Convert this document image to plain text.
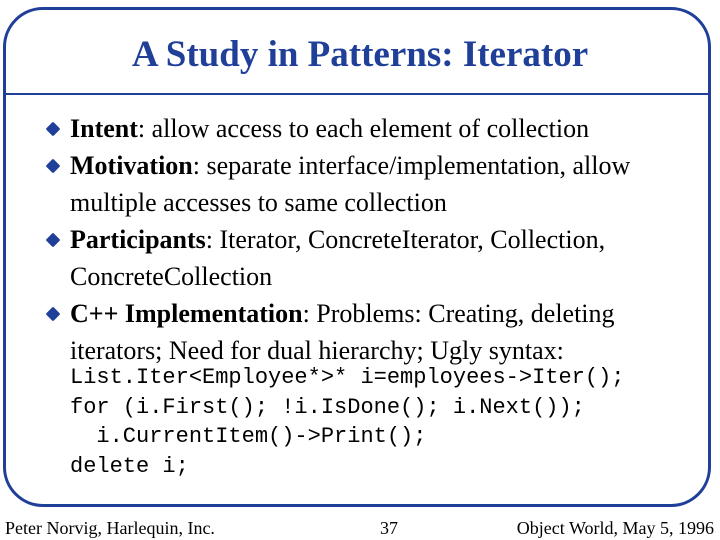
A Study in Patterns: Iterator
Intent: allow access to each element of collection
Motivation: separate interface/implementation, allow multiple accesses to same collection
Participants: Iterator, ConcreteIterator, Collection, ConcreteCollection
C++ Implementation: Problems: Creating, deleting iterators; Need for dual hierarchy; Ugly syntax:
List.Iter<Employee*>* i=employees->Iter();
for (i.First(); !i.IsDone(); i.Next());
i.CurrentItem()->Print();
delete i;
Peter Norvig, Harlequin, Inc.	37	Object World, May 5, 1996
